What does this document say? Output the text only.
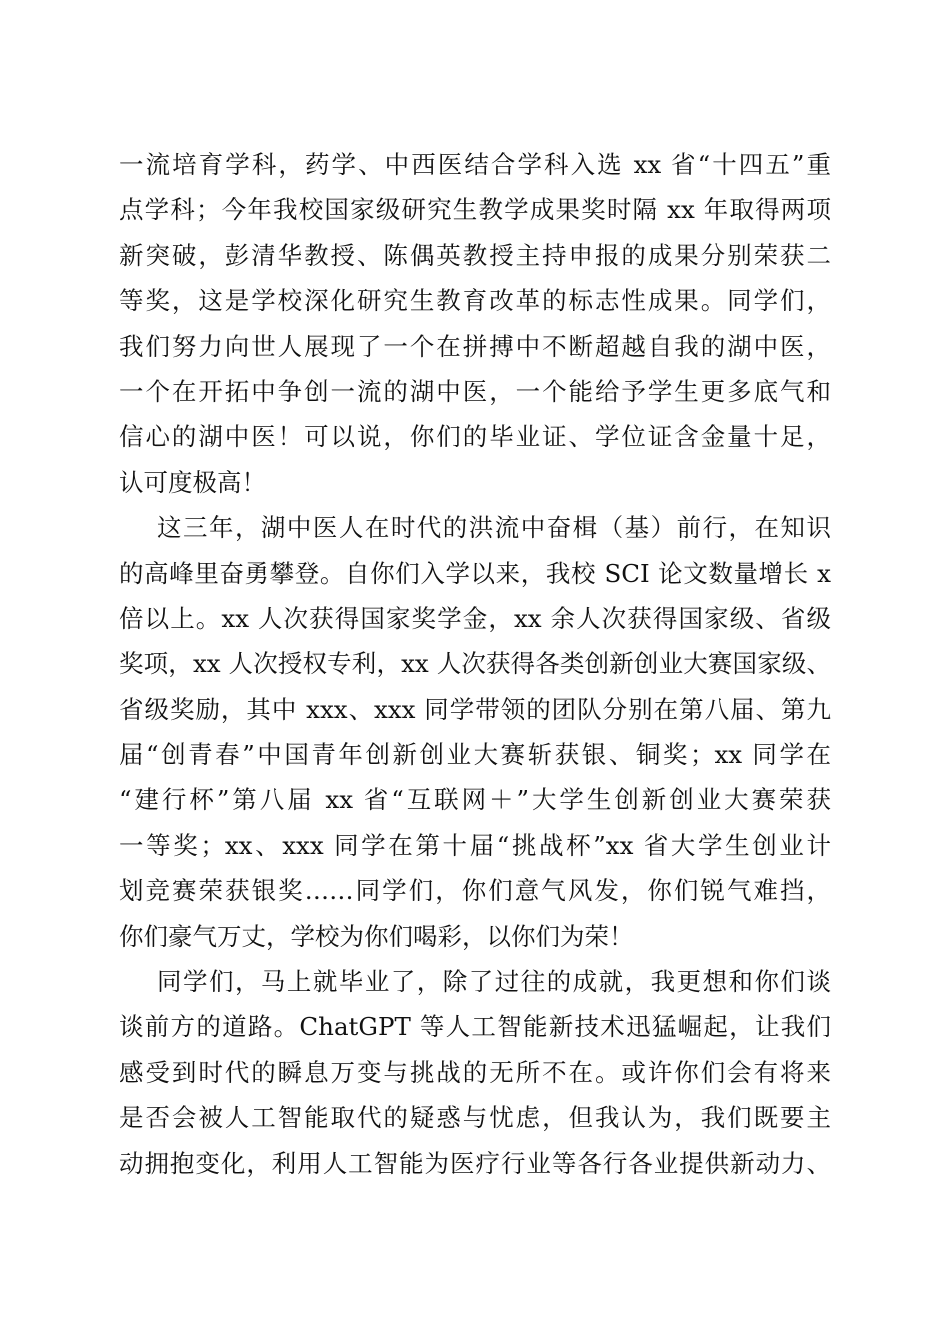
一流培育学科，药学、中西医结合学科入选 xx 省“十四五”重
点学科；今年我校国家级研究生教学成果奖时隔 xx 年取得两项
新突破，彭清华教授、陈偶英教授主持申报的成果分别荣获二
等奖，这是学校深化研究生教育改革的标志性成果。同学们，
我们努力向世人展现了一个在拼搏中不断超越自我的湖中医，
一个在开拓中争创一流的湖中医，一个能给予学生更多底气和
信心的湖中医！可以说，你们的毕业证、学位证含金量十足，
认可度极高！
这三年，湖中医人在时代的洪流中奋楫（基）前行，在知识
的高峰里奋勇攀登。自你们入学以来，我校 SCI 论文数量增长 x
倍以上。xx 人次获得国家奖学金，xx 余人次获得国家级、省级
奖项，xx 人次授权专利，xx 人次获得各类创新创业大赛国家级、
省级奖励，其中 xxx、xxx 同学带领的团队分别在第八届、第九
届“创青春”中国青年创新创业大赛斩获银、铜奖；xx 同学在
“建行杯”第八届 xx 省“互联网＋”大学生创新创业大赛荣获
一等奖；xx、xxx 同学在第十届“挑战杯”xx 省大学生创业计
划竞赛荣获银奖……同学们，你们意气风发，你们锐气难挡，
你们豪气万丈，学校为你们喝彩，以你们为荣！
同学们，马上就毕业了，除了过往的成就，我更想和你们谈
谈前方的道路。ChatGPT 等人工智能新技术迅猛崛起，让我们
感受到时代的瞬息万变与挑战的无所不在。或许你们会有将来
是否会被人工智能取代的疑惑与忧虑，但我认为，我们既要主
动拥抱变化，利用人工智能为医疗行业等各行各业提供新动力、
